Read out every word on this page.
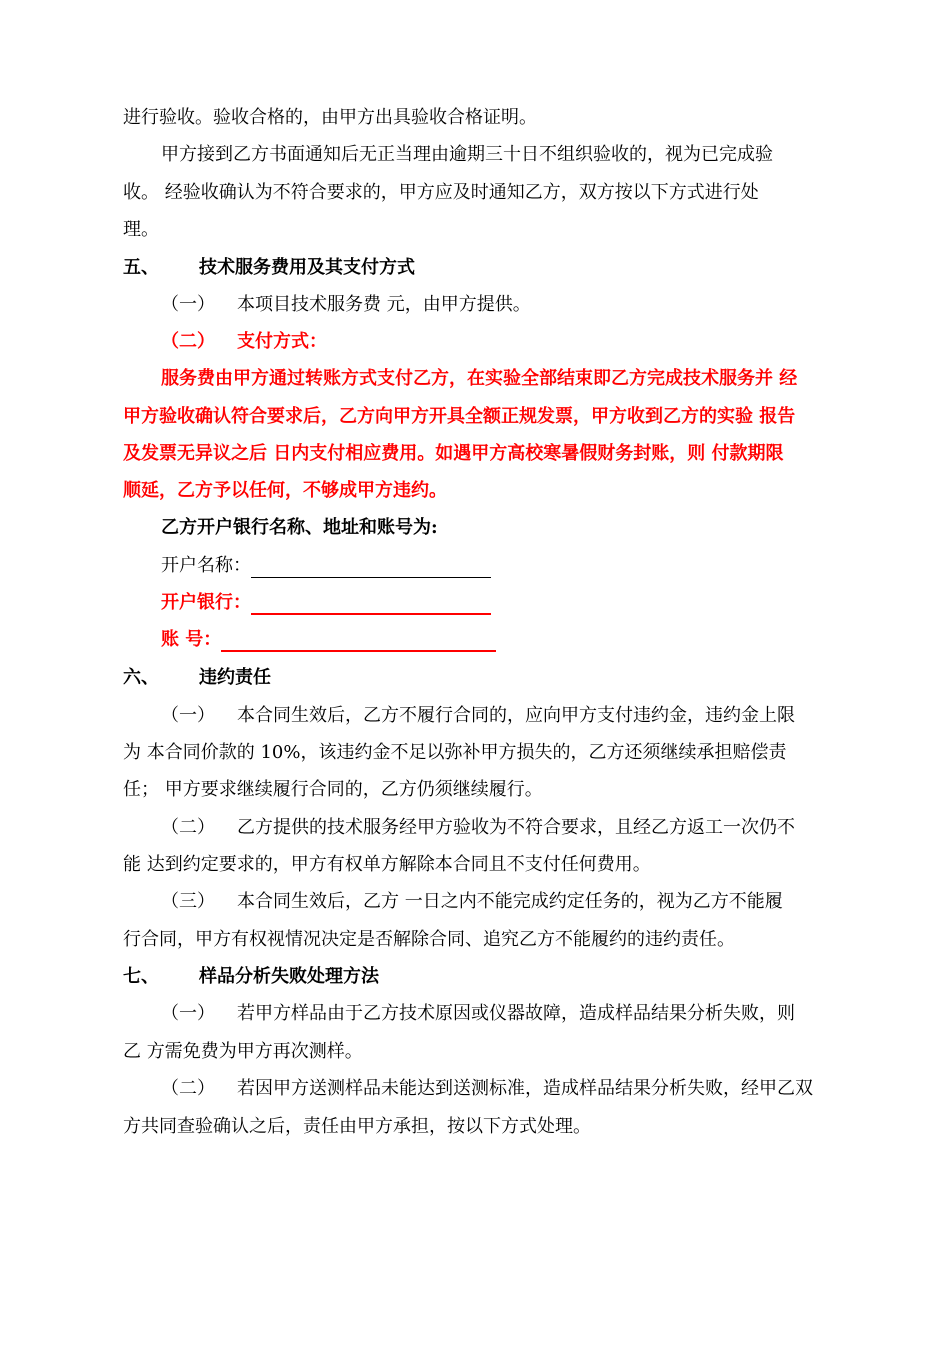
进行验收。验收合格的，由甲方出具验收合格证明。
甲方接到乙方书面通知后无正当理由逾期三十日不组织验收的，视为已完成验
收。 经验收确认为不符合要求的，甲方应及时通知乙方，双方按以下方式进行处
理。
五、 技术服务费用及其支付方式
（一） 本项目技术服务费 元，由甲方提供。
（二） 支付方式：
服务费由甲方通过转账方式支付乙方，在实验全部结束即乙方完成技术服务并 经
甲方验收确认符合要求后，乙方向甲方开具全额正规发票，甲方收到乙方的实验 报告
及发票无异议之后 日内支付相应费用。如遇甲方高校寒暑假财务封账，则 付款期限
顺延，乙方予以任何，不够成甲方违约。
乙方开户银行名称、地址和账号为:
开户名称：
开户银行：
账 号：
六、 违约责任
（一） 本合同生效后，乙方不履行合同的，应向甲方支付违约金，违约金上限
为 本合同价款的 10%，该违约金不足以弥补甲方损失的，乙方还须继续承担赔偿责
任； 甲方要求继续履行合同的，乙方仍须继续履行。
（二） 乙方提供的技术服务经甲方验收为不符合要求，且经乙方返工一次仍不
能 达到约定要求的，甲方有权单方解除本合同且不支付任何费用。
（三） 本合同生效后，乙方 一日之内不能完成约定任务的，视为乙方不能履
行合同，甲方有权视情况决定是否解除合同、追究乙方不能履约的违约责任。
七、 样品分析失败处理方法
（一） 若甲方样品由于乙方技术原因或仪器故障，造成样品结果分析失败，则
乙 方需免费为甲方再次测样。
（二） 若因甲方送测样品未能达到送测标准，造成样品结果分析失败，经甲乙双
方共同查验确认之后，责任由甲方承担，按以下方式处理。
